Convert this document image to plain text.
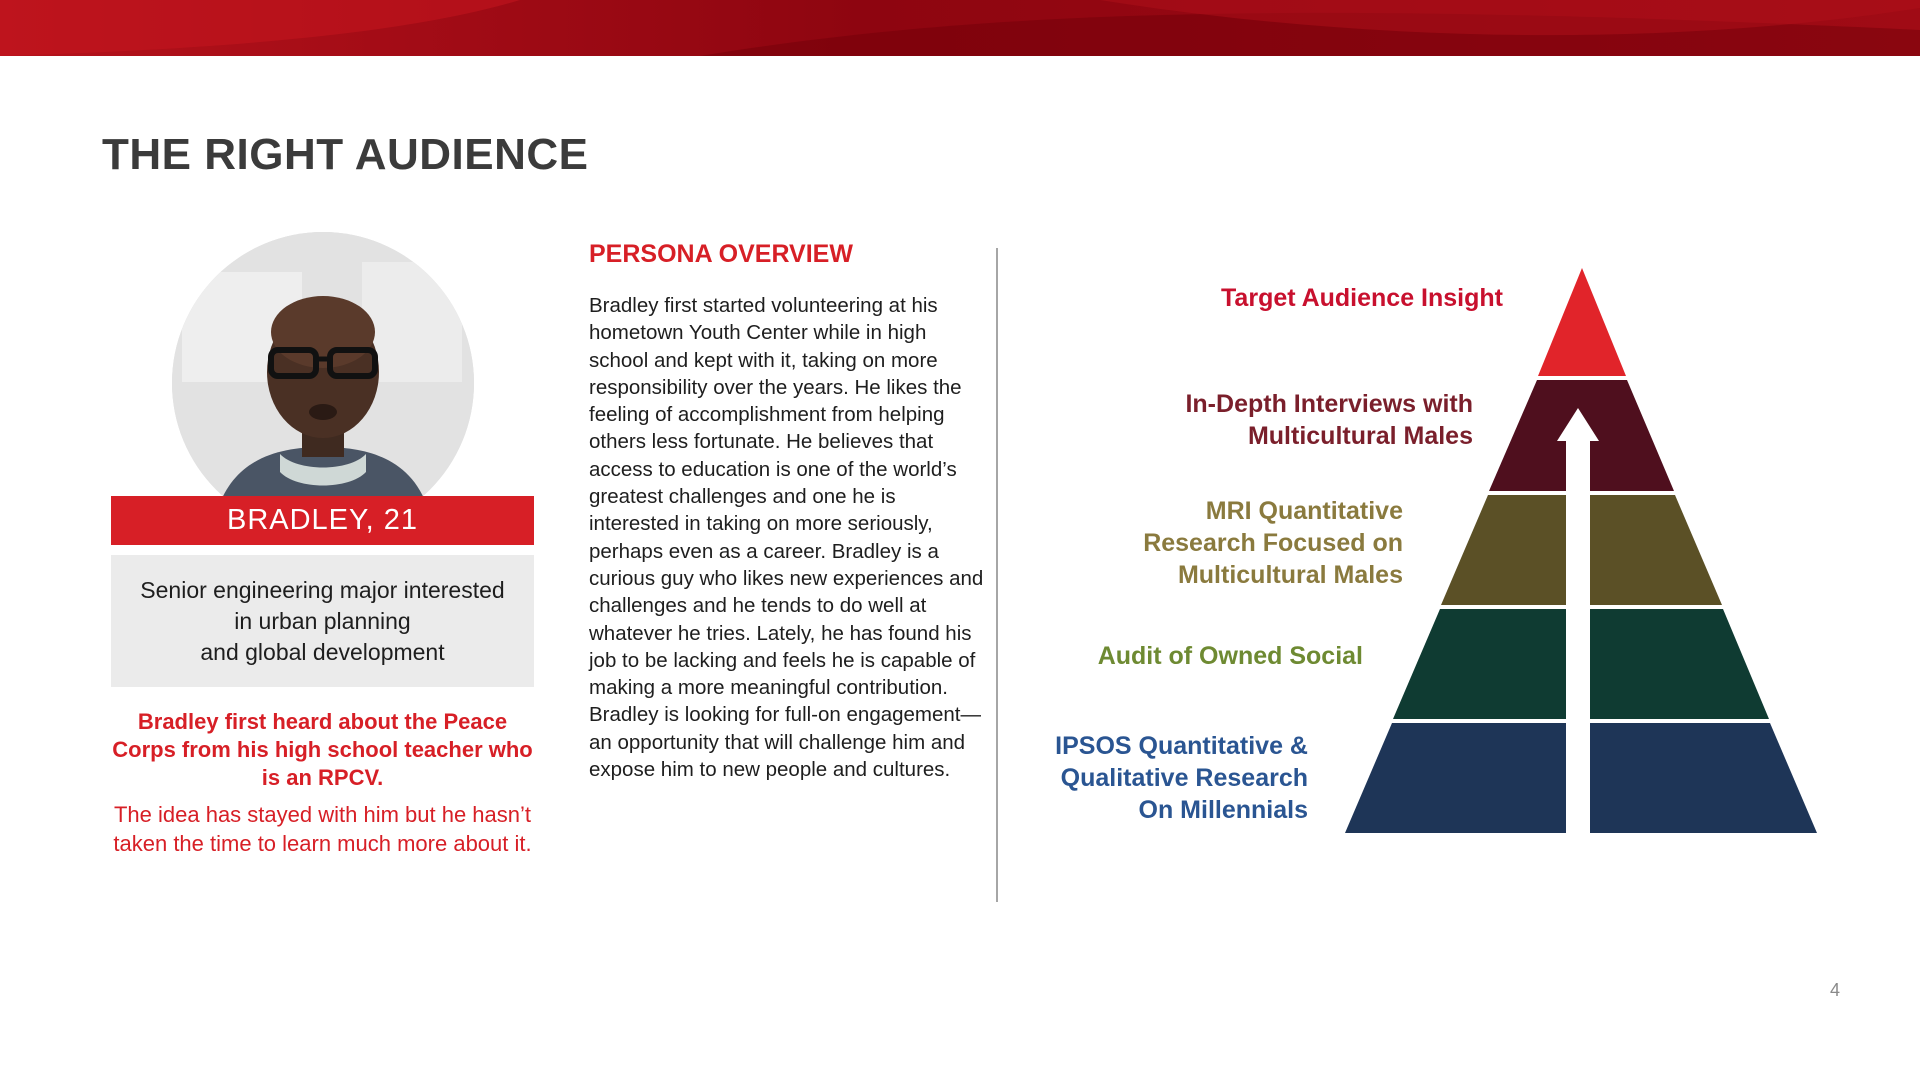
THE RIGHT AUDIENCE
BRADLEY, 21
Senior engineering major interested
in urban planning
and global development

Bradley first heard about the Peace Corps from his high school teacher who is an RPCV.

The idea has stayed with him but he hasn’t taken the time to learn much more about it.

PERSONA OVERVIEW

Bradley first started volunteering at his hometown Youth Center while in high school and kept with it, taking on more responsibility over the years. He likes the feeling of accomplishment from helping others less fortunate. He believes that access to education is one of the world’s greatest challenges and one he is interested in taking on more seriously, perhaps even as a career. Bradley is a curious guy who likes new experiences and challenges and he tends to do well at whatever he tries. Lately, he has found his job to be lacking and feels he is capable of making a more meaningful contribution. Bradley is looking for full-on engagement—an opportunity that will challenge him and expose him to new people and cultures.

Target Audience Insight
In-Depth Interviews with
Multicultural Males
MRI Quantitative
Research Focused on
Multicultural Males
Audit of Owned Social
IPSOS Quantitative &
Qualitative Research
On Millennials
4
